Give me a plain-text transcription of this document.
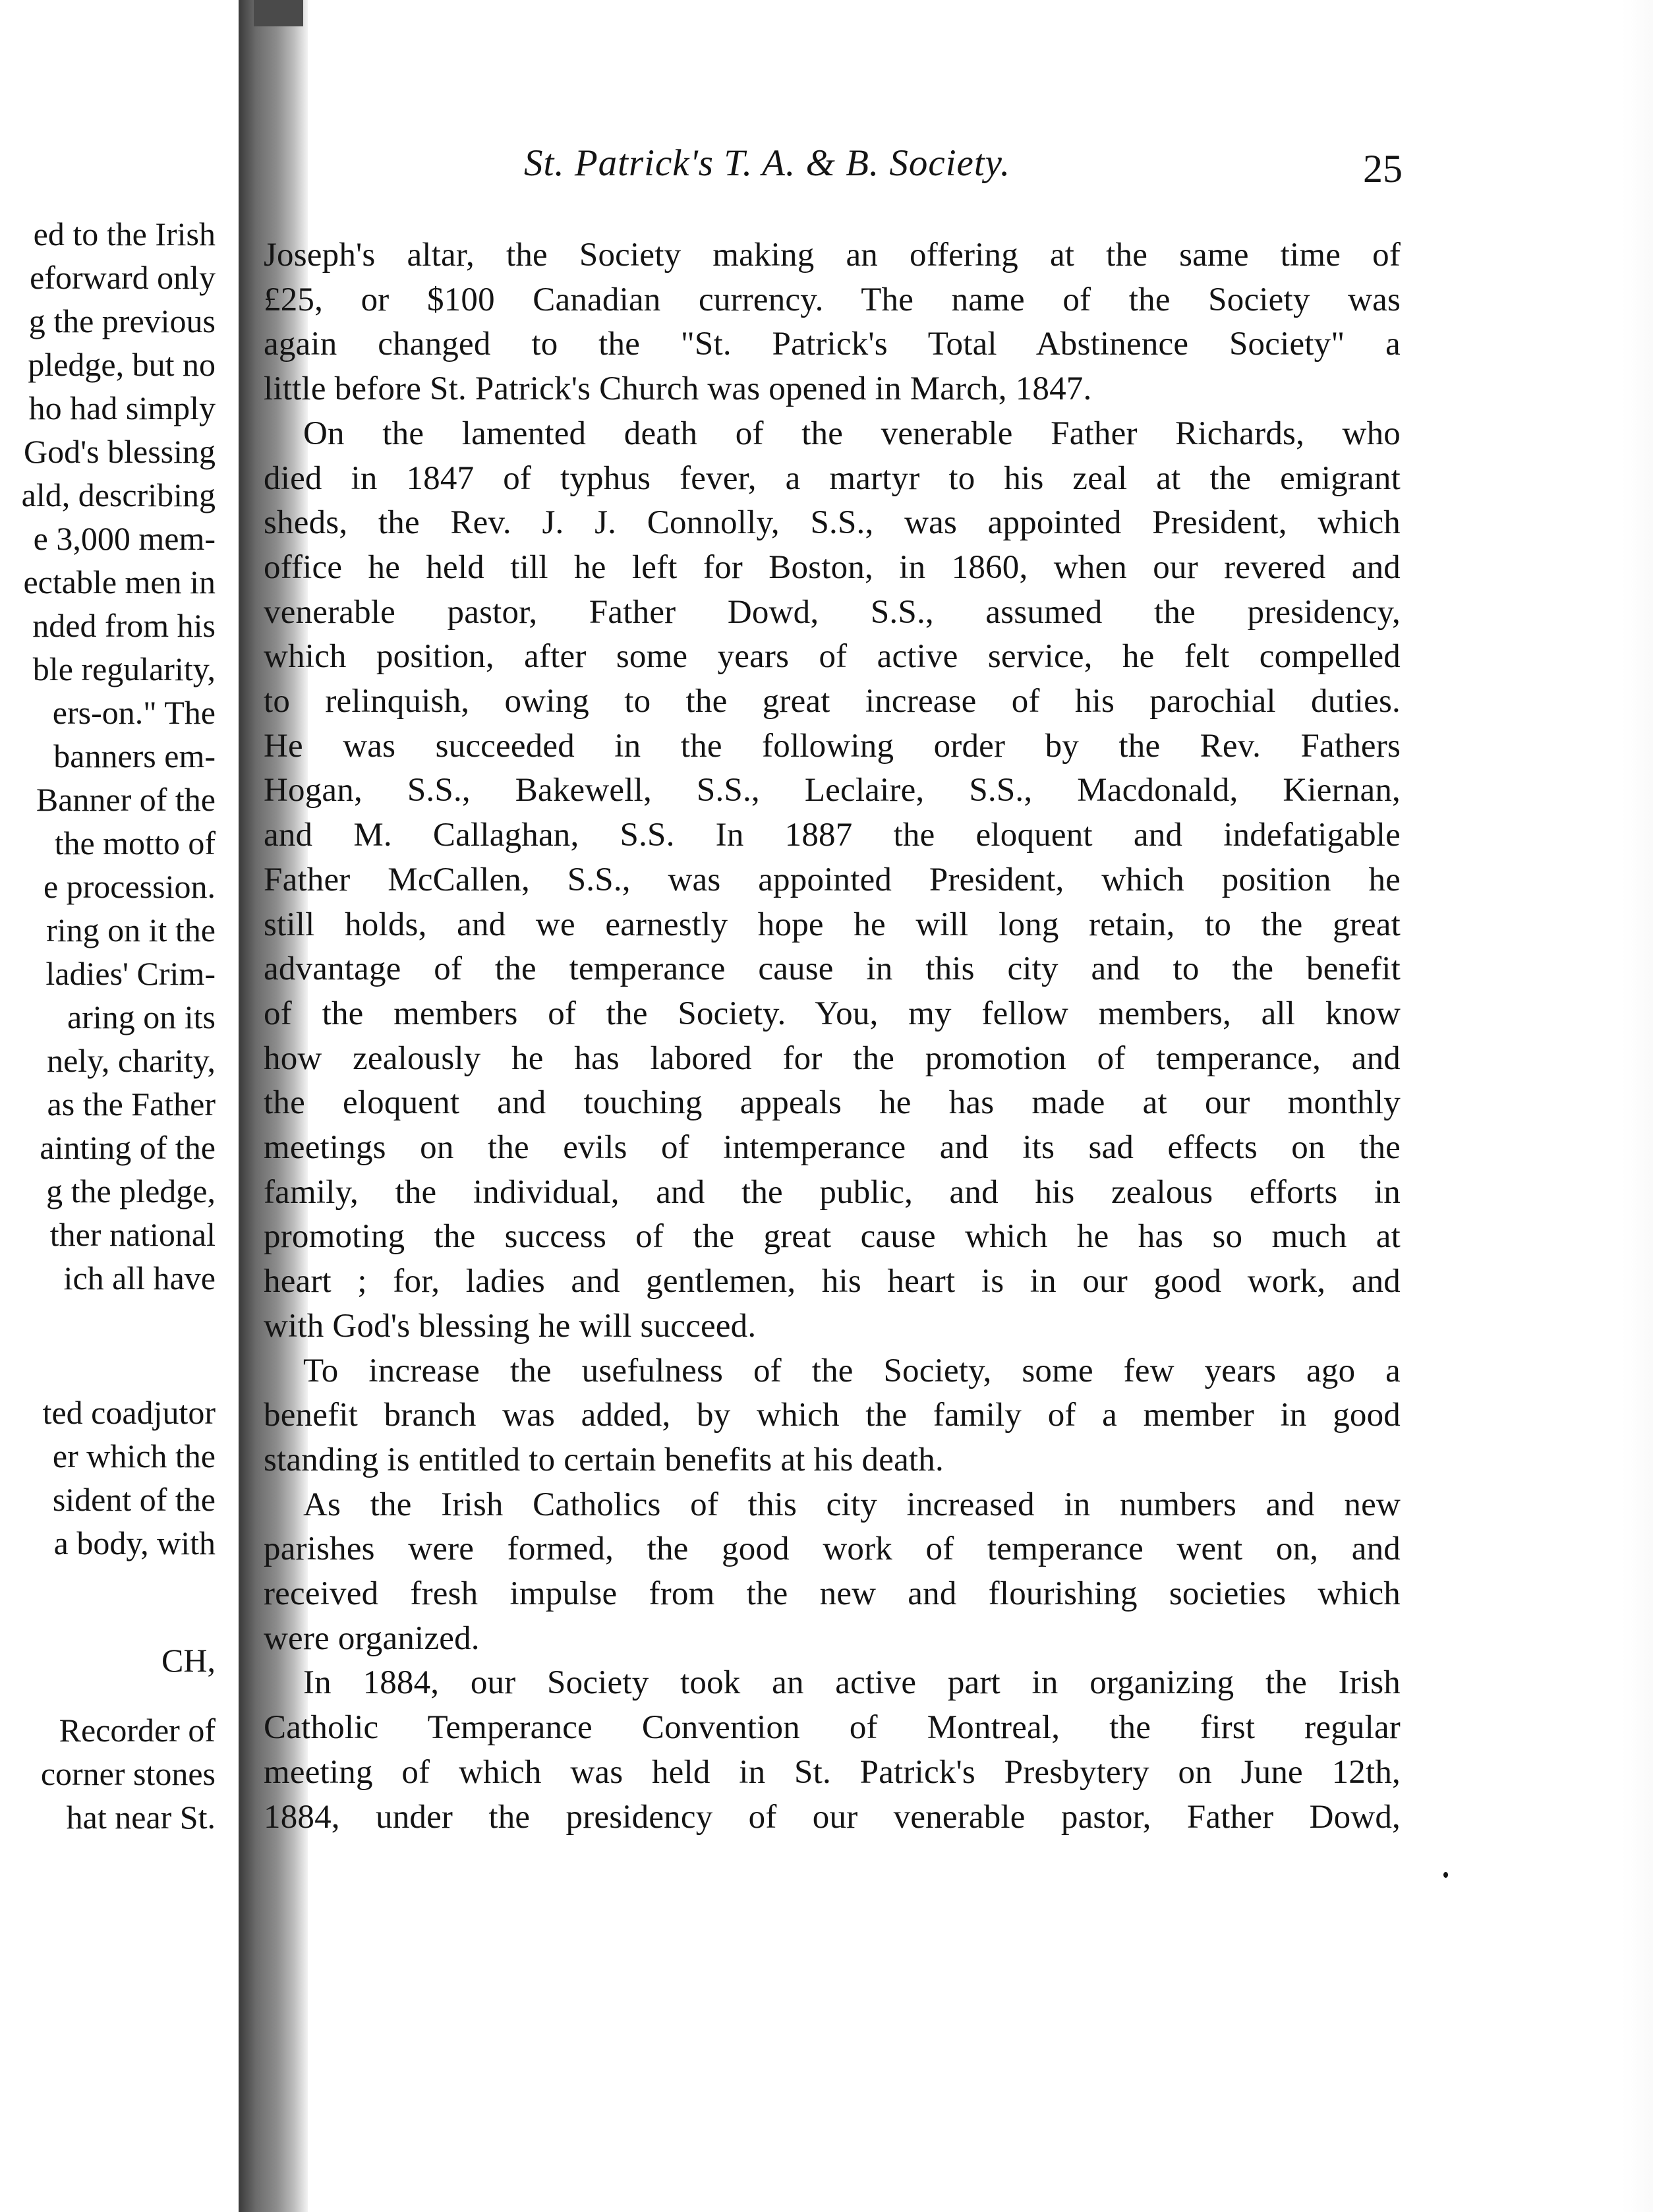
ed to the Irish
eforward only
g the previous
pledge, but no
ho had simply
God's blessing
ald, describing
e 3,000 mem-
ectable men in
nded from his
ble regularity,
ers-on." The
banners em-
Banner of the
the motto of
e procession.
ring on it the
ladies' Crim-
aring on its
nely, charity,
as the Father
ainting of the
g the pledge,
ther national
ich all have
ted coadjutor
er which the
sident of the
a body, with
CH,
Recorder of
corner stones
hat near St.
St. Patrick's T. A. & B. Society.	25
Joseph's altar, the Society making an offering at the same time of
£25, or $100 Canadian currency. The name of the Society was
again changed to the "St. Patrick's Total Abstinence Society" a
little before St. Patrick's Church was opened in March, 1847.
On the lamented death of the venerable Father Richards, who
died in 1847 of typhus fever, a martyr to his zeal at the emigrant
sheds, the Rev. J. J. Connolly, S.S., was appointed President, which
office he held till he left for Boston, in 1860, when our revered and
venerable pastor, Father Dowd, S.S., assumed the presidency,
which position, after some years of active service, he felt compelled
to relinquish, owing to the great increase of his parochial duties.
He was succeeded in the following order by the Rev. Fathers
Hogan, S.S., Bakewell, S.S., Leclaire, S.S., Macdonald, Kiernan,
and M. Callaghan, S.S. In 1887 the eloquent and indefatigable
Father McCallen, S.S., was appointed President, which position he
still holds, and we earnestly hope he will long retain, to the great
advantage of the temperance cause in this city and to the benefit
of the members of the Society. You, my fellow members, all know
how zealously he has labored for the promotion of temperance, and
the eloquent and touching appeals he has made at our monthly
meetings on the evils of intemperance and its sad effects on the
family, the individual, and the public, and his zealous efforts in
promoting the success of the great cause which he has so much at
heart ; for, ladies and gentlemen, his heart is in our good work, and
with God's blessing he will succeed.
To increase the usefulness of the Society, some few years ago a
benefit branch was added, by which the family of a member in good
standing is entitled to certain benefits at his death.
As the Irish Catholics of this city increased in numbers and new
parishes were formed, the good work of temperance went on, and
received fresh impulse from the new and flourishing societies which
were organized.
In 1884, our Society took an active part in organizing the Irish
Catholic Temperance Convention of Montreal, the first regular
meeting of which was held in St. Patrick's Presbytery on June 12th,
1884, under the presidency of our venerable pastor, Father Dowd,
